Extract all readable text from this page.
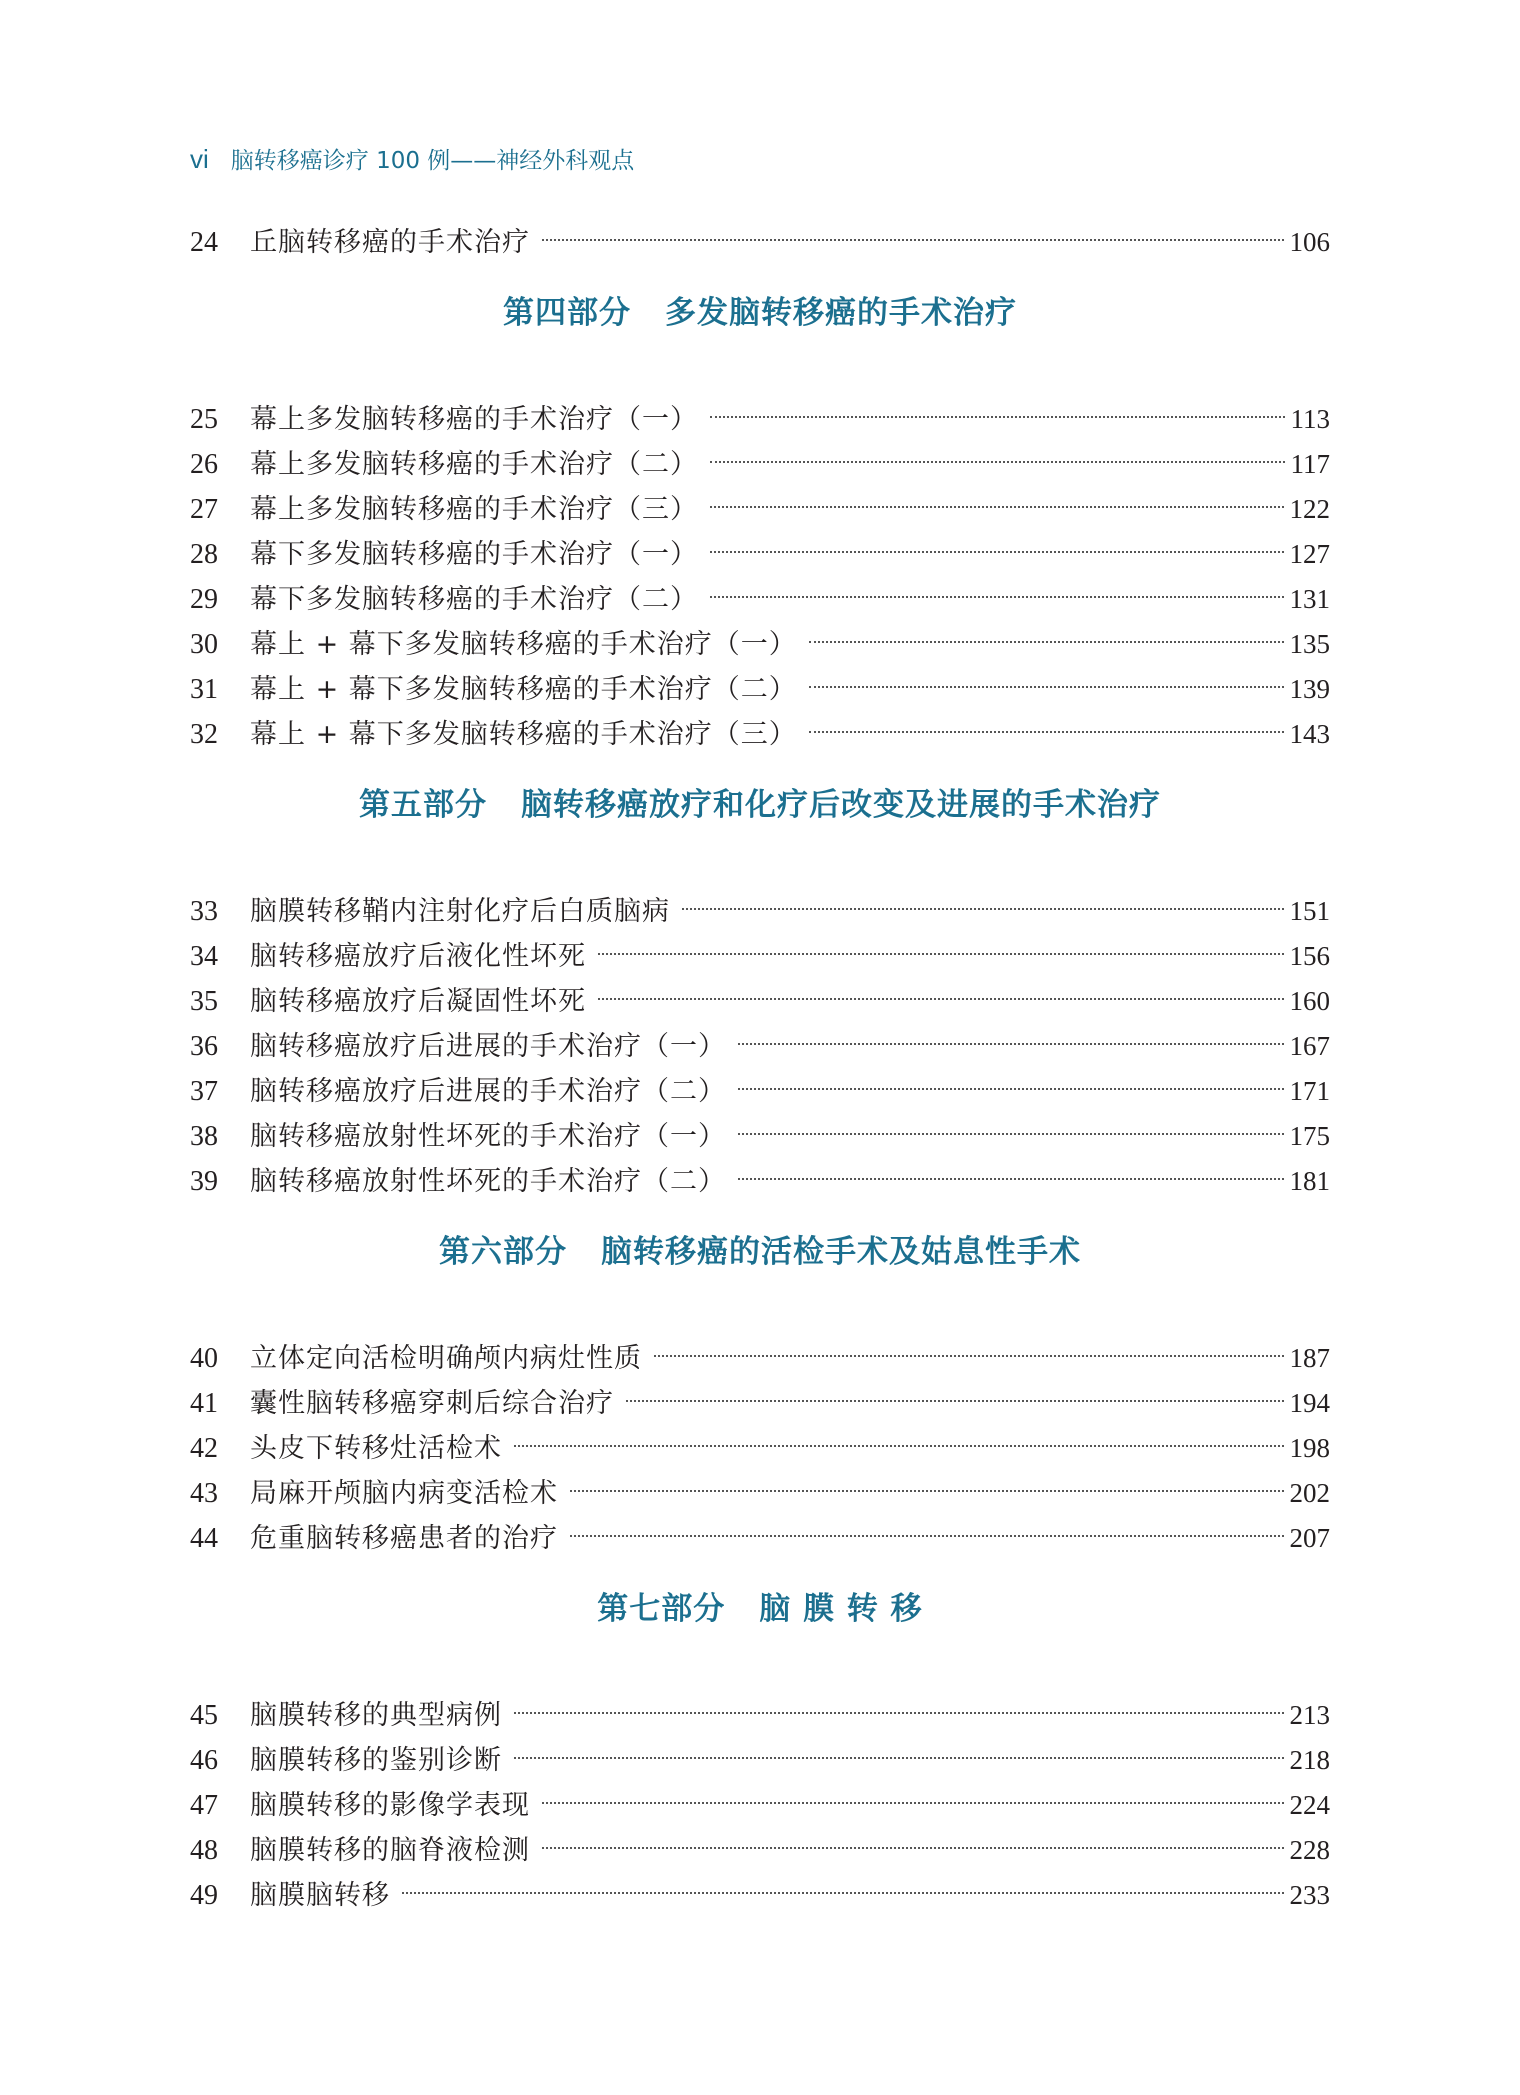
vi 脑转移癌诊疗 100 例——神经外科观点
24	丘脑转移癌的手术治疗	106
第四部分 多发脑转移癌的手术治疗
25	幕上多发脑转移癌的手术治疗（一）	113
26	幕上多发脑转移癌的手术治疗（二）	117
27	幕上多发脑转移癌的手术治疗（三）	122
28	幕下多发脑转移癌的手术治疗（一）	127
29	幕下多发脑转移癌的手术治疗（二）	131
30	幕上 + 幕下多发脑转移癌的手术治疗（一）	135
31	幕上 + 幕下多发脑转移癌的手术治疗（二）	139
32	幕上 + 幕下多发脑转移癌的手术治疗（三）	143
第五部分 脑转移癌放疗和化疗后改变及进展的手术治疗
33	脑膜转移鞘内注射化疗后白质脑病	151
34	脑转移癌放疗后液化性坏死	156
35	脑转移癌放疗后凝固性坏死	160
36	脑转移癌放疗后进展的手术治疗（一）	167
37	脑转移癌放疗后进展的手术治疗（二）	171
38	脑转移癌放射性坏死的手术治疗（一）	175
39	脑转移癌放射性坏死的手术治疗（二）	181
第六部分 脑转移癌的活检手术及姑息性手术
40	立体定向活检明确颅内病灶性质	187
41	囊性脑转移癌穿刺后综合治疗	194
42	头皮下转移灶活检术	198
43	局麻开颅脑内病变活检术	202
44	危重脑转移癌患者的治疗	207
第七部分 脑 膜 转 移
45	脑膜转移的典型病例	213
46	脑膜转移的鉴别诊断	218
47	脑膜转移的影像学表现	224
48	脑膜转移的脑脊液检测	228
49	脑膜脑转移	233
